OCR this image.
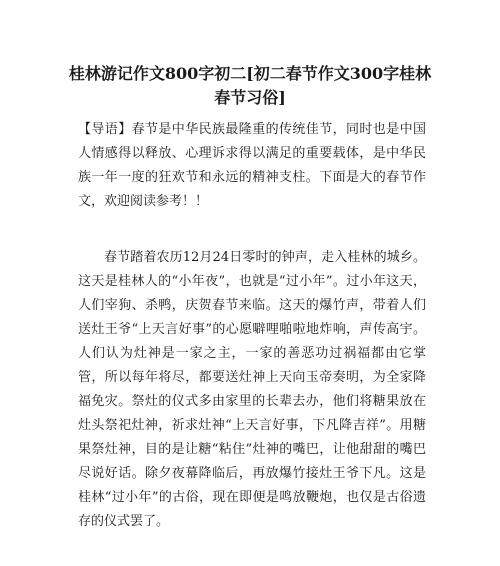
桂林游记作文800字初二[初二春节作文300字桂林春节习俗]

【导语】春节是中华民族最隆重的传统佳节，同时也是中国人情感得以释放、心理诉求得以满足的重要载体，是中华民族一年一度的狂欢节和永远的精神支柱。下面是大的春节作文，欢迎阅读参考！！

春节踏着农历12月24日零时的钟声，走入桂林的城乡。这天是桂林人的“小年夜”，也就是“过小年”。过小年这天，人们宰狗、杀鸭，庆贺春节来临。这天的爆竹声，带着人们送灶王爷“上天言好事”的心愿噼哩啪啦地炸响，声传高宇。人们认为灶神是一家之主，一家的善恶功过祸福都由它掌管，所以每年将尽，都要送灶神上天向玉帝奏明，为全家降福免灾。祭灶的仪式多由家里的长辈去办，他们将糖果放在灶头祭祀灶神，祈求灶神“上天言好事，下凡降吉祥”。用糖果祭灶神，目的是让糖“粘住”灶神的嘴巴，让他甜甜的嘴巴尽说好话。除夕夜幕降临后，再放爆竹接灶王爷下凡。这是桂林“过小年”的古俗，现在即便是鸣放鞭炮，也仅是古俗遗存的仪式罢了。
